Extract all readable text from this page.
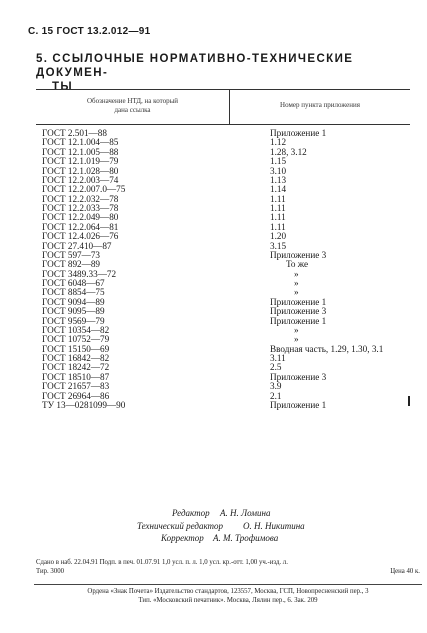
С. 15 ГОСТ 13.2.012—91
5. ССЫЛОЧНЫЕ НОРМАТИВНО-ТЕХНИЧЕСКИЕ ДОКУМЕН-
ТЫ
Обозначение НТД, на который
дана ссылка
Номер пункта приложения
ГОСТ 2.501—88	Приложение 1
ГОСТ 12.1.004—85	1.12
ГОСТ 12.1.005—88	1.28, 3.12
ГОСТ 12.1.019—79	1.15
ГОСТ 12.1.028—80	3.10
ГОСТ 12.2.003—74	1.13
ГОСТ 12.2.007.0—75	1.14
ГОСТ 12.2.032—78	1.11
ГОСТ 12.2.033—78	1.11
ГОСТ 12.2.049—80	1.11
ГОСТ 12.2.064—81	1.11
ГОСТ 12.4.026—76	1.20
ГОСТ 27.410—87	3.15
ГОСТ 597—73	Приложение 3
ГОСТ 892—89	То же
ГОСТ 3489.33—72	»
ГОСТ 6048—67	»
ГОСТ 8854—75	»
ГОСТ 9094—89	Приложение 1
ГОСТ 9095—89	Приложение 3
ГОСТ 9569—79	Приложение 1
ГОСТ 10354—82	»
ГОСТ 10752—79	»
ГОСТ 15150—69	Вводная часть, 1.29, 1.30, 3.1
ГОСТ 16842—82	3.11
ГОСТ 18242—72	2.5
ГОСТ 18510—87	Приложение 3
ГОСТ 21657—83	3.9
ГОСТ 26964—86	2.1
ТУ 13—0281099—90	Приложение 1
Редактор А. Н. Ломина
Технический редактор О. Н. Никитина
Корректор А. М. Трофимова
Сдано в наб. 22.04.91 Подп. в печ. 01.07.91 1,0 усл. п. л. 1,0 усл. кр.-отт. 1,00 уч.-изд. л.
Тир. 3000	Цена 40 к.
Ордена «Знак Почета» Издательство стандартов, 123557, Москва, ГСП, Новопресненский пер., 3
Тип. «Московский печатник». Москва, Лялин пер., 6. Зак. 209
